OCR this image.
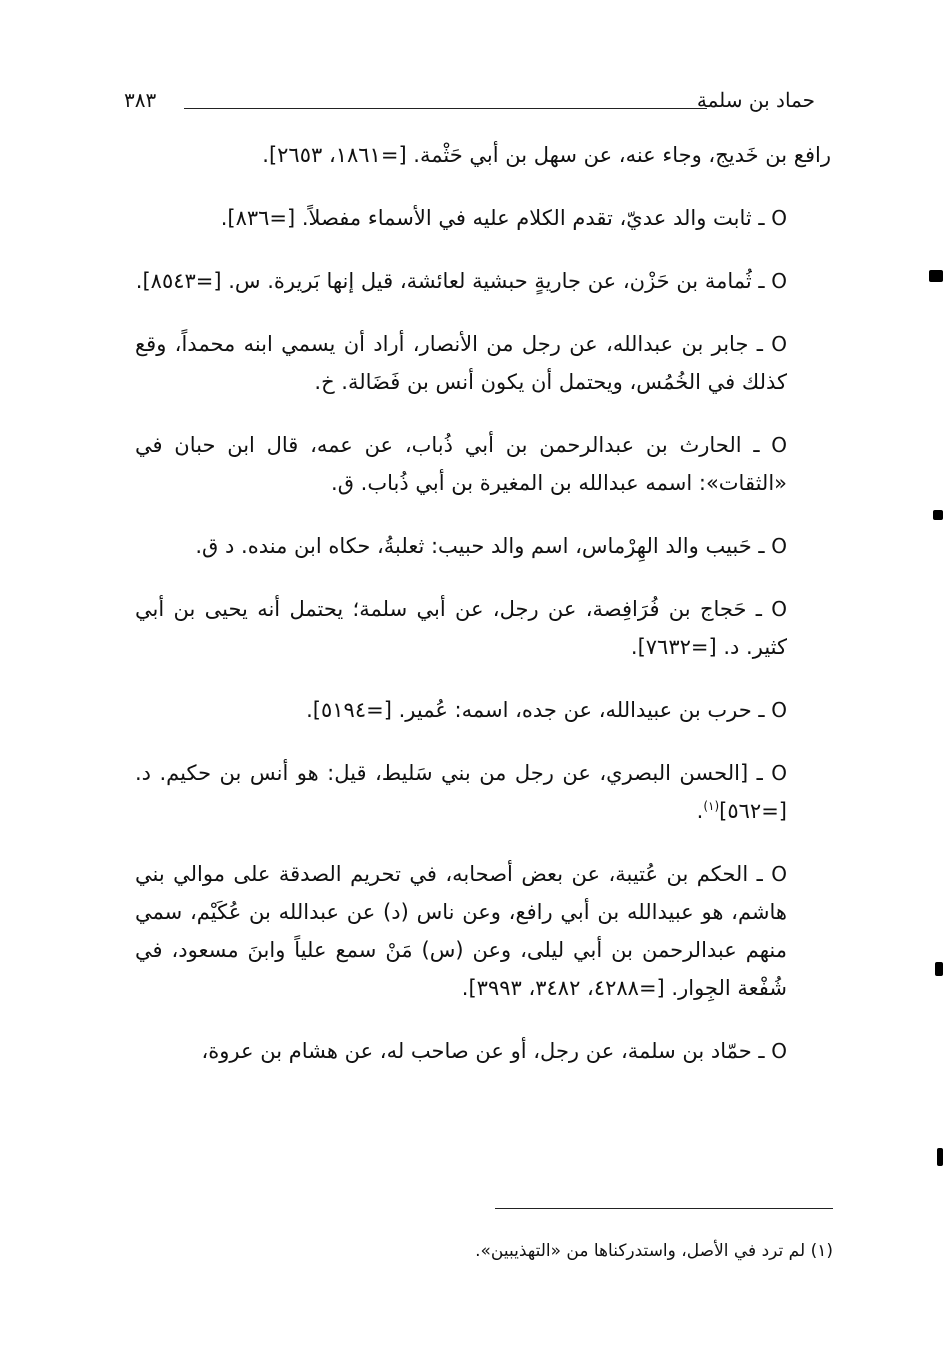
حماد بن سلمة
٣٨٣

رافع بن خَديج، وجاء عنه، عن سهل بن أبي حَثْمة. [=١٨٦١، ٢٦٥٣].

O ـ ثابت والد عديّ، تقدم الكلام عليه في الأسماء مفصلاً. [=٨٣٦].

O ـ ثُمامة بن حَزْن، عن جاريةٍ حبشية لعائشة، قيل إنها بَريرة. س. [=٨٥٤٣].

O ـ جابر بن عبدالله، عن رجل من الأنصار، أراد أن يسمي ابنه محمداً، وقع كذلك في الخُمُس، ويحتمل أن يكون أنس بن فَضَالة. خ.

O ـ الحارث بن عبدالرحمن بن أبي ذُباب، عن عمه، قال ابن حبان في «الثقات»: اسمه عبدالله بن المغيرة بن أبي ذُباب. ق.

O ـ حَبيب والد الهِرْماس، اسم والد حبيب: ثعلبةُ، حكاه ابن منده. د ق.

O ـ حَجاج بن فُرَافِصة، عن رجل، عن أبي سلمة؛ يحتمل أنه يحيى بن أبي كثير. د. [=٧٦٣٢].

O ـ حرب بن عبيدالله، عن جده، اسمه: عُمير. [=٥١٩٤].

O ـ [الحسن البصري، عن رجل من بني سَليط، قيل: هو أنس بن حكيم. د. [=٥٦٢]$^{(١)}$.

O ـ الحكم بن عُتيبة، عن بعض أصحابه، في تحريم الصدقة على موالي بني هاشم، هو عبيدالله بن أبي رافع، وعن ناس (د) عن عبدالله بن عُكَيْم، سمي منهم عبدالرحمن بن أبي ليلى، وعن (س) مَنْ سمع علياً وابنَ مسعود، في شُفْعة الجِوار. [=٤٢٨٨، ٣٤٨٢، ٣٩٩٣].

O ـ حمّاد بن سلمة، عن رجل، أو عن صاحب له، عن هشام بن عروة،

(١) لم ترد في الأصل، واستدركناها من «التهذيبين».
